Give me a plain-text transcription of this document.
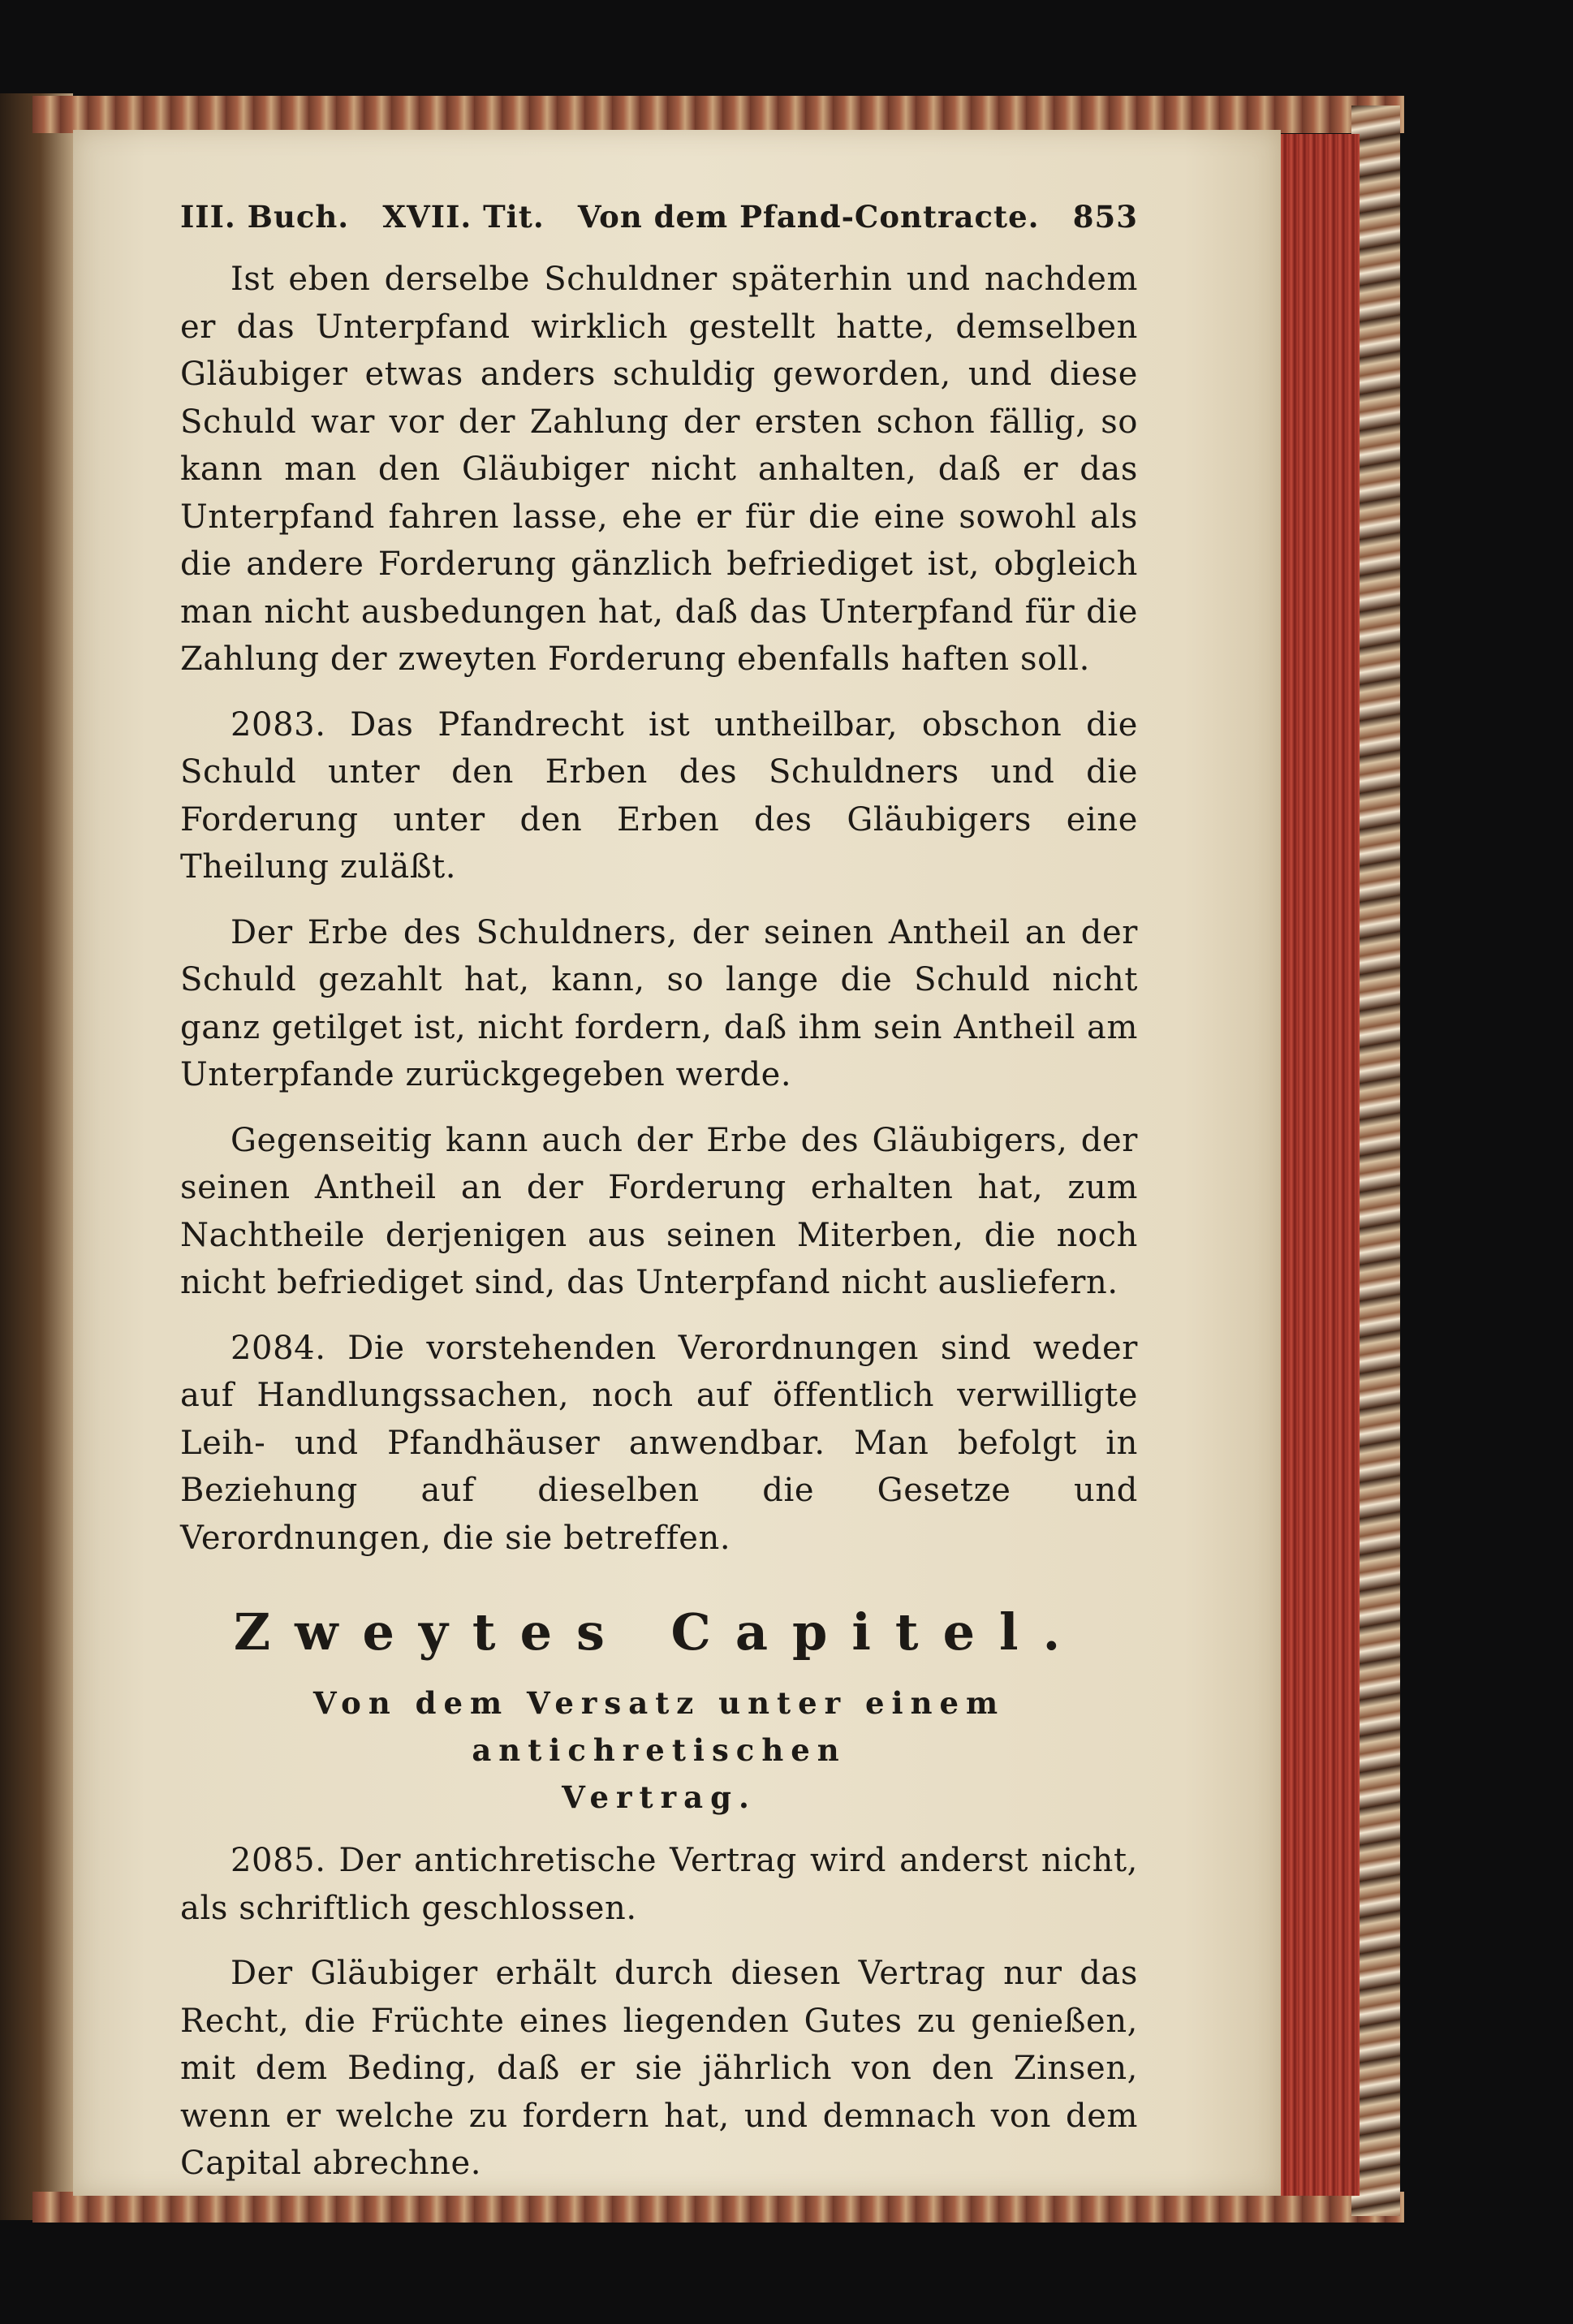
III. Buch. XVII. Tit. Von dem Pfand-Contracte. 853

Ist eben derselbe Schuldner späterhin und nachdem er das Unterpfand wirklich gestellt hatte, demselben Gläubiger etwas anders schuldig geworden, und diese Schuld war vor der Zahlung der ersten schon fällig, so kann man den Gläubiger nicht anhalten, daß er das Unterpfand fahren lasse, ehe er für die eine sowohl als die andere Forderung gänzlich befriediget ist, obgleich man nicht ausbedungen hat, daß das Unterpfand für die Zahlung der zweyten Forderung ebenfalls haften soll.

2083. Das Pfandrecht ist untheilbar, obschon die Schuld unter den Erben des Schuldners und die Forderung unter den Erben des Gläubigers eine Theilung zuläßt.

Der Erbe des Schuldners, der seinen Antheil an der Schuld gezahlt hat, kann, so lange die Schuld nicht ganz getilget ist, nicht fordern, daß ihm sein Antheil am Unterpfande zurückgegeben werde.

Gegenseitig kann auch der Erbe des Gläubigers, der seinen Antheil an der Forderung erhalten hat, zum Nachtheile derjenigen aus seinen Miterben, die noch nicht befriediget sind, das Unterpfand nicht ausliefern.

2084. Die vorstehenden Verordnungen sind weder auf Handlungssachen, noch auf öffentlich verwilligte Leih- und Pfandhäuser anwendbar. Man befolgt in Beziehung auf dieselben die Gesetze und Verordnungen, die sie betreffen.

Zweytes Capitel.
Von dem Versatz unter einem antichretischen
Vertrag.

2085. Der antichretische Vertrag wird anderst nicht, als schriftlich geschlossen.

Der Gläubiger erhält durch diesen Vertrag nur das Recht, die Früchte eines liegenden Gutes zu genießen, mit dem Beding, daß er sie jährlich von den Zinsen, wenn er welche zu fordern hat, und demnach von dem Capital abrechne.
